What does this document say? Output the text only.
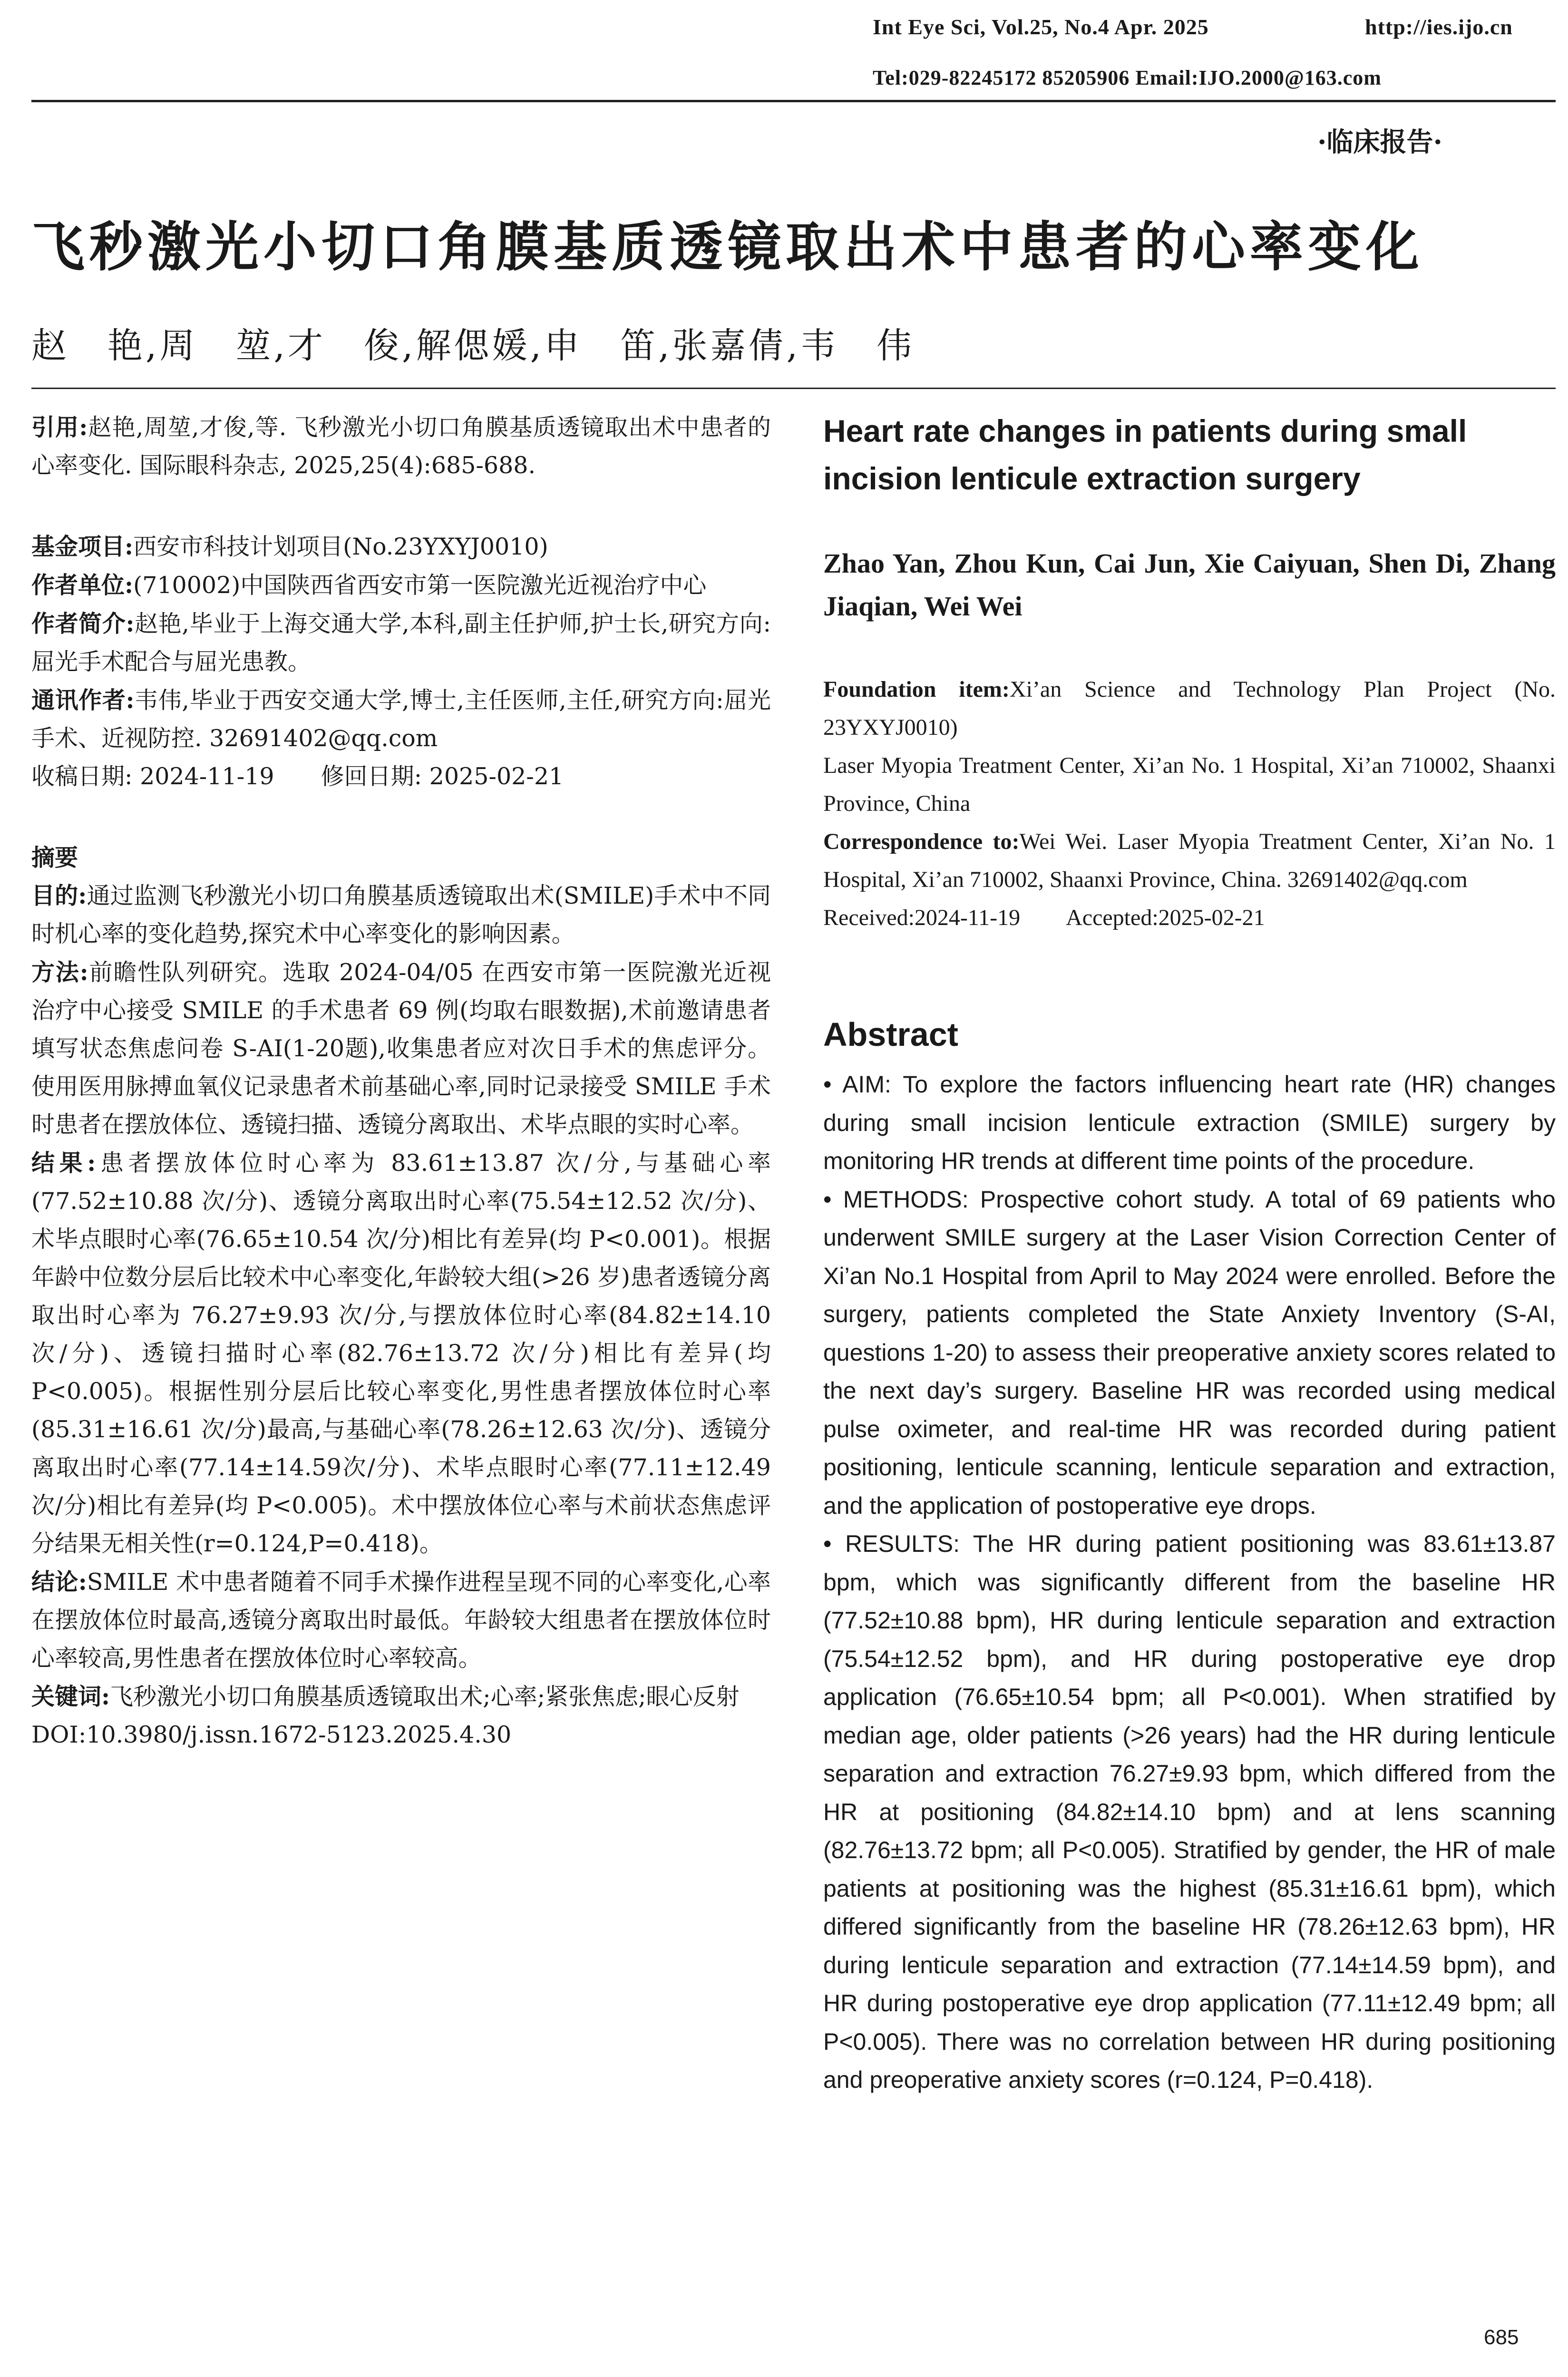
Int Eye Sci, Vol.25, No.4 Apr. 2025	http://ies.ijo.cn
Tel:029-82245172 85205906 Email:IJO.2000@163.com
·临床报告·
飞秒激光小切口角膜基质透镜取出术中患者的心率变化
赵　艳,周　堃,才　俊,解偲媛,申　笛,张嘉倩,韦　伟

引用:赵艳,周堃,才俊,等. 飞秒激光小切口角膜基质透镜取出术中患者的心率变化. 国际眼科杂志, 2025,25(4):685-688.

基金项目:西安市科技计划项目(No.23YXYJ0010)

作者单位:(710002)中国陕西省西安市第一医院激光近视治疗中心

作者简介:赵艳,毕业于上海交通大学,本科,副主任护师,护士长,研究方向:屈光手术配合与屈光患教。

通讯作者:韦伟,毕业于西安交通大学,博士,主任医师,主任,研究方向:屈光手术、近视防控. 32691402@qq.com

收稿日期: 2024-11-19　　修回日期: 2025-02-21

摘要

目的:通过监测飞秒激光小切口角膜基质透镜取出术(SMILE)手术中不同时机心率的变化趋势,探究术中心率变化的影响因素。

方法:前瞻性队列研究。选取 2024-04/05 在西安市第一医院激光近视治疗中心接受 SMILE 的手术患者 69 例(均取右眼数据),术前邀请患者填写状态焦虑问卷 S-AI(1-20题),收集患者应对次日手术的焦虑评分。使用医用脉搏血氧仪记录患者术前基础心率,同时记录接受 SMILE 手术时患者在摆放体位、透镜扫描、透镜分离取出、术毕点眼的实时心率。

结果:患者摆放体位时心率为 83.61±13.87 次/分,与基础心率(77.52±10.88 次/分)、透镜分离取出时心率(75.54±12.52 次/分)、术毕点眼时心率(76.65±10.54 次/分)相比有差异(均 P<0.001)。根据年龄中位数分层后比较术中心率变化,年龄较大组(>26 岁)患者透镜分离取出时心率为 76.27±9.93 次/分,与摆放体位时心率(84.82±14.10 次/分)、透镜扫描时心率(82.76±13.72 次/分)相比有差异(均 P<0.005)。根据性别分层后比较心率变化,男性患者摆放体位时心率(85.31±16.61 次/分)最高,与基础心率(78.26±12.63 次/分)、透镜分离取出时心率(77.14±14.59次/分)、术毕点眼时心率(77.11±12.49 次/分)相比有差异(均 P<0.005)。术中摆放体位心率与术前状态焦虑评分结果无相关性(r=0.124,P=0.418)。

结论:SMILE 术中患者随着不同手术操作进程呈现不同的心率变化,心率在摆放体位时最高,透镜分离取出时最低。年龄较大组患者在摆放体位时心率较高,男性患者在摆放体位时心率较高。

关键词:飞秒激光小切口角膜基质透镜取出术;心率;紧张焦虑;眼心反射

DOI:10.3980/j.issn.1672-5123.2025.4.30

Heart rate changes in patients during small incision lenticule extraction surgery
Zhao Yan, Zhou Kun, Cai Jun, Xie Caiyuan, Shen Di, Zhang Jiaqian, Wei Wei

Foundation item:Xi’an Science and Technology Plan Project (No. 23YXYJ0010)

Laser Myopia Treatment Center, Xi’an No. 1 Hospital, Xi’an 710002, Shaanxi Province, China

Correspondence to:Wei Wei. Laser Myopia Treatment Center, Xi’an No. 1 Hospital, Xi’an 710002, Shaanxi Province, China. 32691402@qq.com

Received:2024-11-19　　Accepted:2025-02-21

Abstract

• AIM: To explore the factors influencing heart rate (HR) changes during small incision lenticule extraction (SMILE) surgery by monitoring HR trends at different time points of the procedure.

• METHODS: Prospective cohort study. A total of 69 patients who underwent SMILE surgery at the Laser Vision Correction Center of Xi’an No.1 Hospital from April to May 2024 were enrolled. Before the surgery, patients completed the State Anxiety Inventory (S-AI, questions 1-20) to assess their preoperative anxiety scores related to the next day’s surgery. Baseline HR was recorded using medical pulse oximeter, and real-time HR was recorded during patient positioning, lenticule scanning, lenticule separation and extraction, and the application of postoperative eye drops.

• RESULTS: The HR during patient positioning was 83.61±13.87 bpm, which was significantly different from the baseline HR (77.52±10.88 bpm), HR during lenticule separation and extraction (75.54±12.52 bpm), and HR during postoperative eye drop application (76.65±10.54 bpm; all P<0.001). When stratified by median age, older patients (>26 years) had the HR during lenticule separation and extraction 76.27±9.93 bpm, which differed from the HR at positioning (84.82±14.10 bpm) and at lens scanning (82.76±13.72 bpm; all P<0.005). Stratified by gender, the HR of male patients at positioning was the highest (85.31±16.61 bpm), which differed significantly from the baseline HR (78.26±12.63 bpm), HR during lenticule separation and extraction (77.14±14.59 bpm), and HR during postoperative eye drop application (77.11±12.49 bpm; all P<0.005). There was no correlation between HR during positioning and preoperative anxiety scores (r=0.124, P=0.418).

685
